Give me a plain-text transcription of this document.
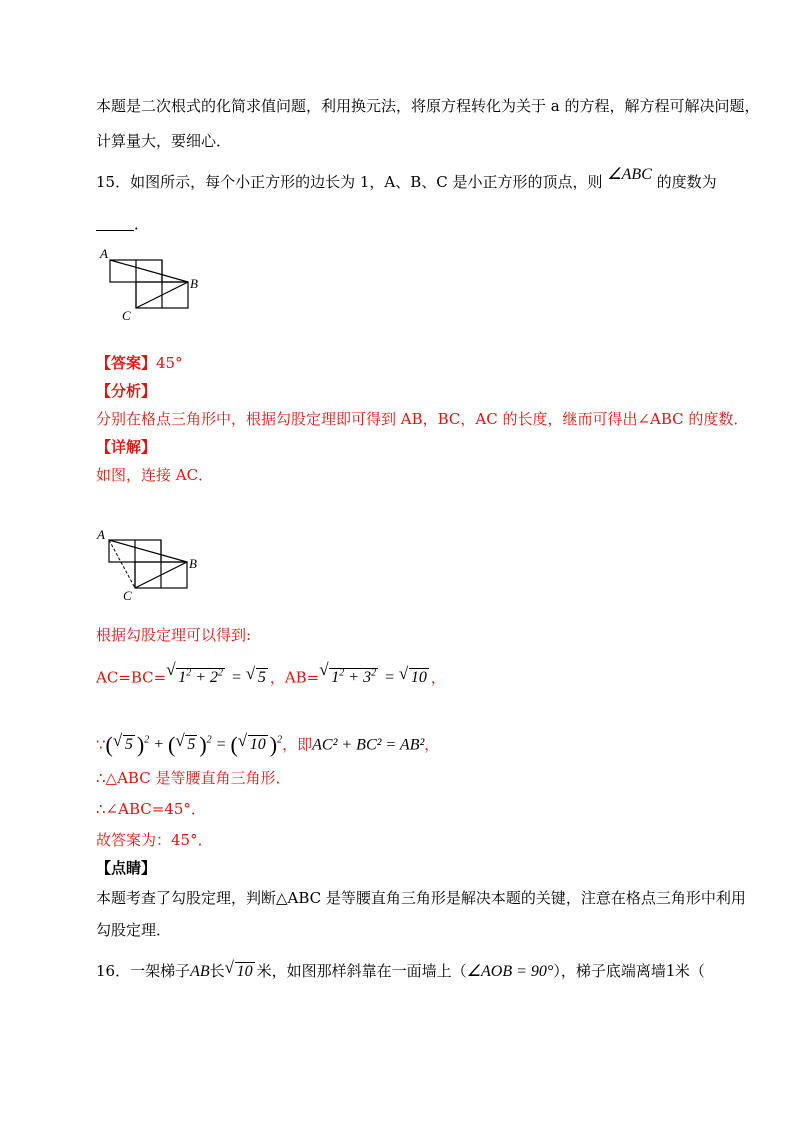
本题是二次根式的化简求值问题，利用换元法，将原方程转化为关于 a 的方程，解方程可解决问题，
计算量大，要细心．
15．如图所示，每个小正方形的边长为 1，A、B、C 是小正方形的顶点，则 ∠ABC 的度数为
．
A
B
C
【答案】45°
【分析】
分别在格点三角形中，根据勾股定理即可得到 AB，BC，AC 的长度，继而可得出∠ABC 的度数．
【详解】
如图，连接 AC．
A
B
C
根据勾股定理可以得到:
AC=BC= √ $1^2 + 2^2$ = √ 5 ，AB= √ $1^2 + 3^2$ = √ 10 ，
∵( √ 5 )$^2$ + ( √ 5 )$^2$ = ( √ 10 )$^2$，即AC² + BC² = AB²，
∴△ABC 是等腰直角三角形．
∴∠ABC=45°．
故答案为：45°．
【点睛】
本题考查了勾股定理，判断△ABC 是等腰直角三角形是解决本题的关键，注意在格点三角形中利用
勾股定理．
16．一架梯子AB长 √ 10 米，如图那样斜靠在一面墙上（∠AOB = 90°），梯子底端离墙1米（
